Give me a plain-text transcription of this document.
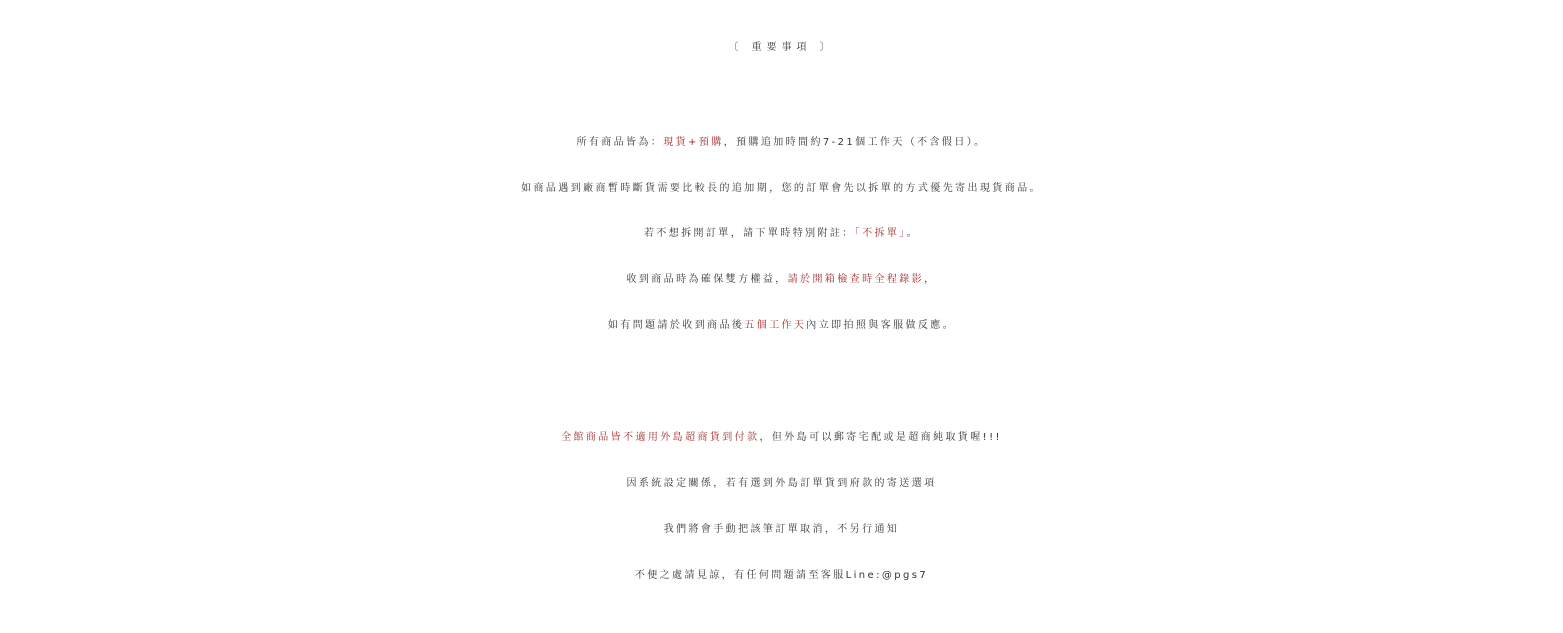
〔 重要事項 〕
所有商品皆為：現貨+預購，預購追加時間約7-21個工作天（不含假日）。
如商品遇到廠商暫時斷貨需要比較長的追加期，您的訂單會先以拆單的方式優先寄出現貨商品。
若不想拆開訂單，請下單時特別附註：「不拆單」。
收到商品時為確保雙方權益，請於開箱檢查時全程錄影，
如有問題請於收到商品後五個工作天內立即拍照與客服做反應。
全館商品皆不適用外島超商貨到付款，但外島可以郵寄宅配或是超商純取貨喔!!!
因系統設定關係，若有選到外島訂單貨到府款的寄送選項
我們將會手動把該筆訂單取消，不另行通知
不便之處請見諒，有任何問題請至客服Line:@pgs7
